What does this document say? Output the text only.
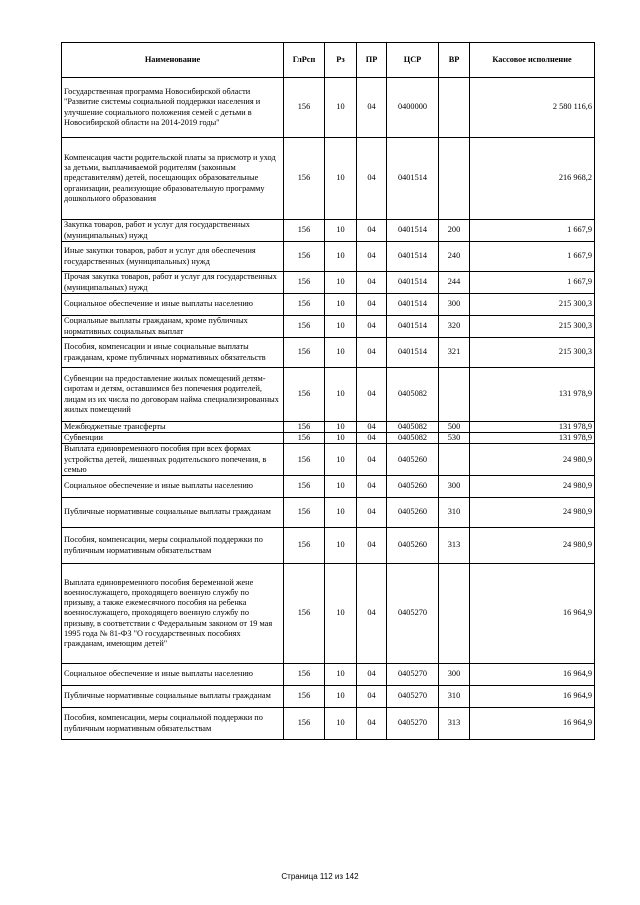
Наименование	ГлРсп	Рз	ПР	ЦСР	ВР	Кассовое исполнение
Государственная программа Новосибирской области "Развитие системы социальной поддержки населения и улучшение социального положения семей с детьми в Новосибирской области на 2014-2019 годы"	156	10	04	0400000		2 580 116,6
Компенсация части родительской платы за присмотр и уход за детьми, выплачиваемой родителям (законным представителям) детей, посещающих образовательные организации, реализующие образовательную программу дошкольного образования	156	10	04	0401514		216 968,2
Закупка товаров, работ и услуг для государственных (муниципальных) нужд	156	10	04	0401514	200	1 667,9
Иные закупки товаров, работ и услуг для обеспечения государственных (муниципальных) нужд	156	10	04	0401514	240	1 667,9
Прочая закупка товаров, работ и услуг для государственных (муниципальных) нужд	156	10	04	0401514	244	1 667,9
Социальное обеспечение и иные выплаты населению	156	10	04	0401514	300	215 300,3
Социальные выплаты гражданам, кроме публичных нормативных социальных выплат	156	10	04	0401514	320	215 300,3
Пособия, компенсации и иные социальные выплаты гражданам, кроме публичных нормативных обязательств	156	10	04	0401514	321	215 300,3
Субвенции на предоставление жилых помещений детям-сиротам и детям, оставшимся без попечения родителей, лицам из их числа по договорам найма специализированных жилых помещений	156	10	04	0405082		131 978,9
Межбюджетные трансферты	156	10	04	0405082	500	131 978,9
Субвенции	156	10	04	0405082	530	131 978,9
Выплата единовременного пособия при всех формах устройства детей, лишенных родительского попечения, в семью	156	10	04	0405260		24 980,9
Социальное обеспечение и иные выплаты населению	156	10	04	0405260	300	24 980,9
Публичные нормативные социальные выплаты гражданам	156	10	04	0405260	310	24 980,9
Пособия, компенсации, меры социальной поддержки по публичным нормативным обязательствам	156	10	04	0405260	313	24 980,9
Выплата единовременного пособия беременной жене военнослужащего, проходящего военную службу по призыву, а также ежемесячного пособия на ребенка военнослужащего, проходящего военную службу по призыву, в соответствии с Федеральным законом от 19 мая 1995 года № 81-ФЗ "О государственных пособиях гражданам, имеющим детей"	156	10	04	0405270		16 964,9
Социальное обеспечение и иные выплаты населению	156	10	04	0405270	300	16 964,9
Публичные нормативные социальные выплаты гражданам	156	10	04	0405270	310	16 964,9
Пособия, компенсации, меры социальной поддержки по публичным нормативным обязательствам	156	10	04	0405270	313	16 964,9
Страница 112 из 142
